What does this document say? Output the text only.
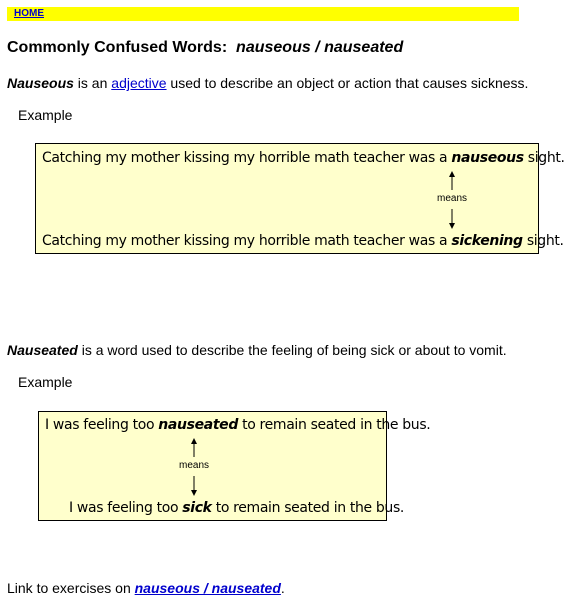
HOME
Commonly Confused Words: nauseous / nauseated
Nauseous is an adjective used to describe an object or action that causes sickness.
Example
Catching my mother kissing my horrible math teacher was a nauseous sight.
means
Catching my mother kissing my horrible math teacher was a sickening sight.
Nauseated is a word used to describe the feeling of being sick or about to vomit.
Example
I was feeling too nauseated to remain seated in the bus.
means
I was feeling too sick to remain seated in the bus.
Link to exercises on nauseous / nauseated.
